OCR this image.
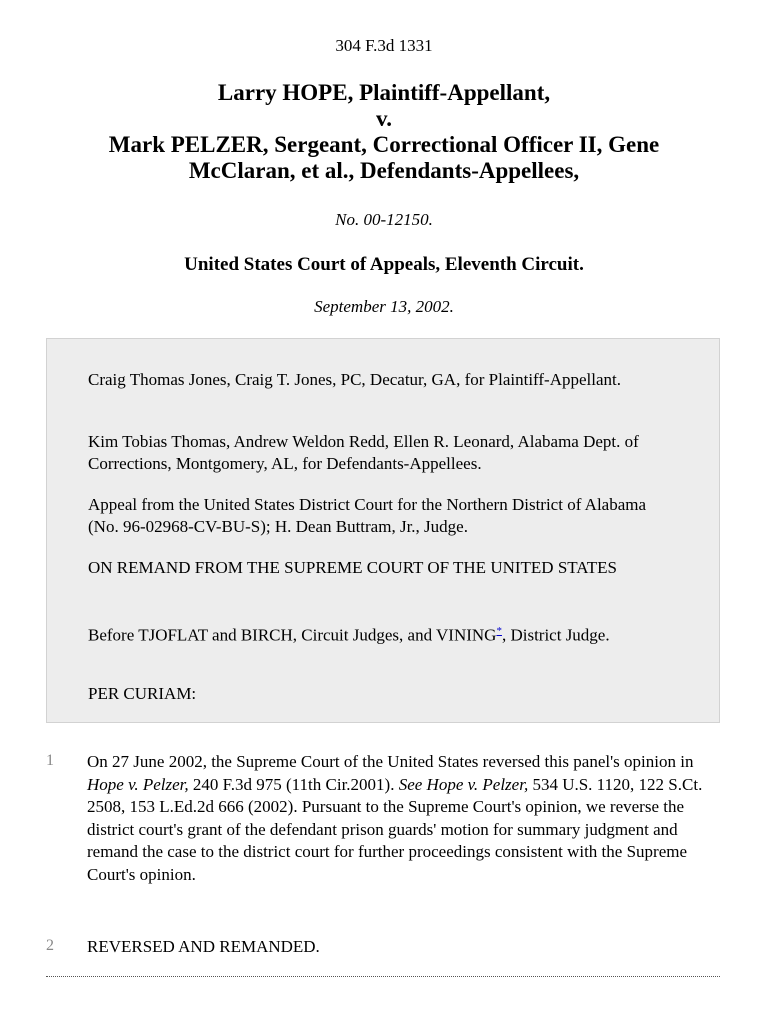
304 F.3d 1331
Larry HOPE, Plaintiff-Appellant,
v.
Mark PELZER, Sergeant, Correctional Officer II, Gene McClaran, et al., Defendants-Appellees,
No. 00-12150.
United States Court of Appeals, Eleventh Circuit.
September 13, 2002.

Craig Thomas Jones, Craig T. Jones, PC, Decatur, GA, for Plaintiff-Appellant.

Kim Tobias Thomas, Andrew Weldon Redd, Ellen R. Leonard, Alabama Dept. of Corrections, Montgomery, AL, for Defendants-Appellees.

Appeal from the United States District Court for the Northern District of Alabama (No. 96-02968-CV-BU-S); H. Dean Buttram, Jr., Judge.

ON REMAND FROM THE SUPREME COURT OF THE UNITED STATES

Before TJOFLAT and BIRCH, Circuit Judges, and VINING*, District Judge.

PER CURIAM:

1 On 27 June 2002, the Supreme Court of the United States reversed this panel's opinion in Hope v. Pelzer, 240 F.3d 975 (11th Cir.2001). See Hope v. Pelzer, 534 U.S. 1120, 122 S.Ct. 2508, 153 L.Ed.2d 666 (2002). Pursuant to the Supreme Court's opinion, we reverse the district court's grant of the defendant prison guards' motion for summary judgment and remand the case to the district court for further proceedings consistent with the Supreme Court's opinion.

2 REVERSED AND REMANDED.
